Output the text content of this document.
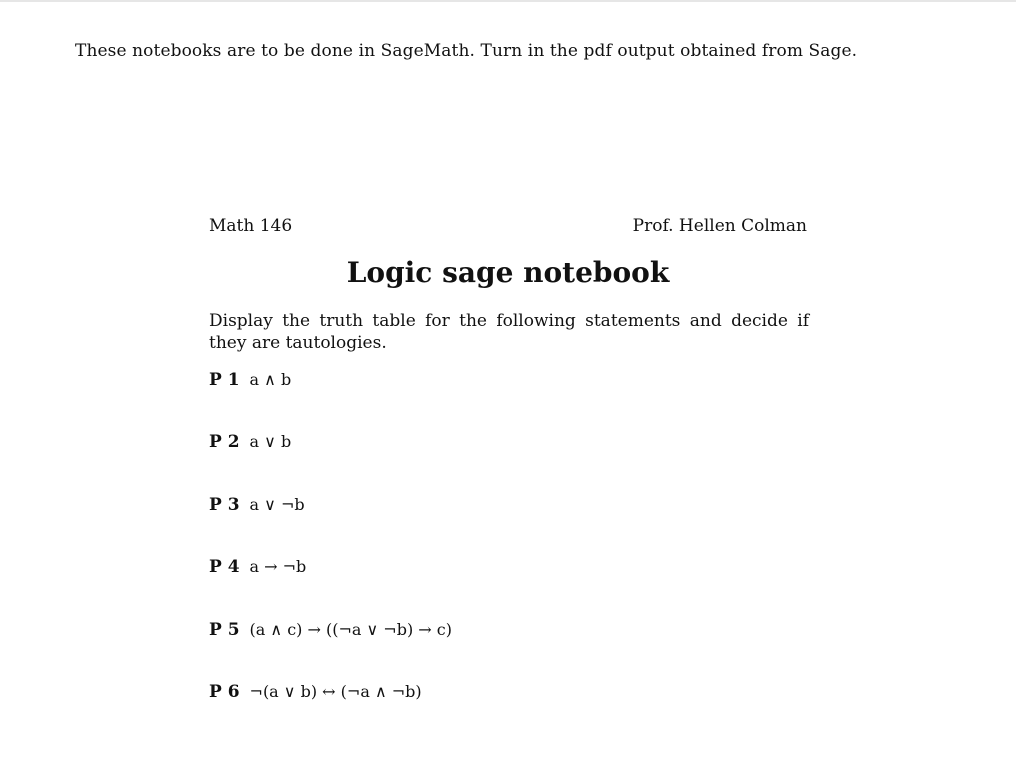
These notebooks are to be done in SageMath. Turn in the pdf output obtained from Sage.
Math 146	Prof. Hellen Colman
Logic sage notebook
Display the truth table for the following statements and decide if they are tautologies.
P 1 a ∧ b
P 2 a ∨ b
P 3 a ∨ ¬b
P 4 a → ¬b
P 5 (a ∧ c) → ((¬a ∨ ¬b) → c)
P 6 ¬(a ∨ b) ↔ (¬a ∧ ¬b)
